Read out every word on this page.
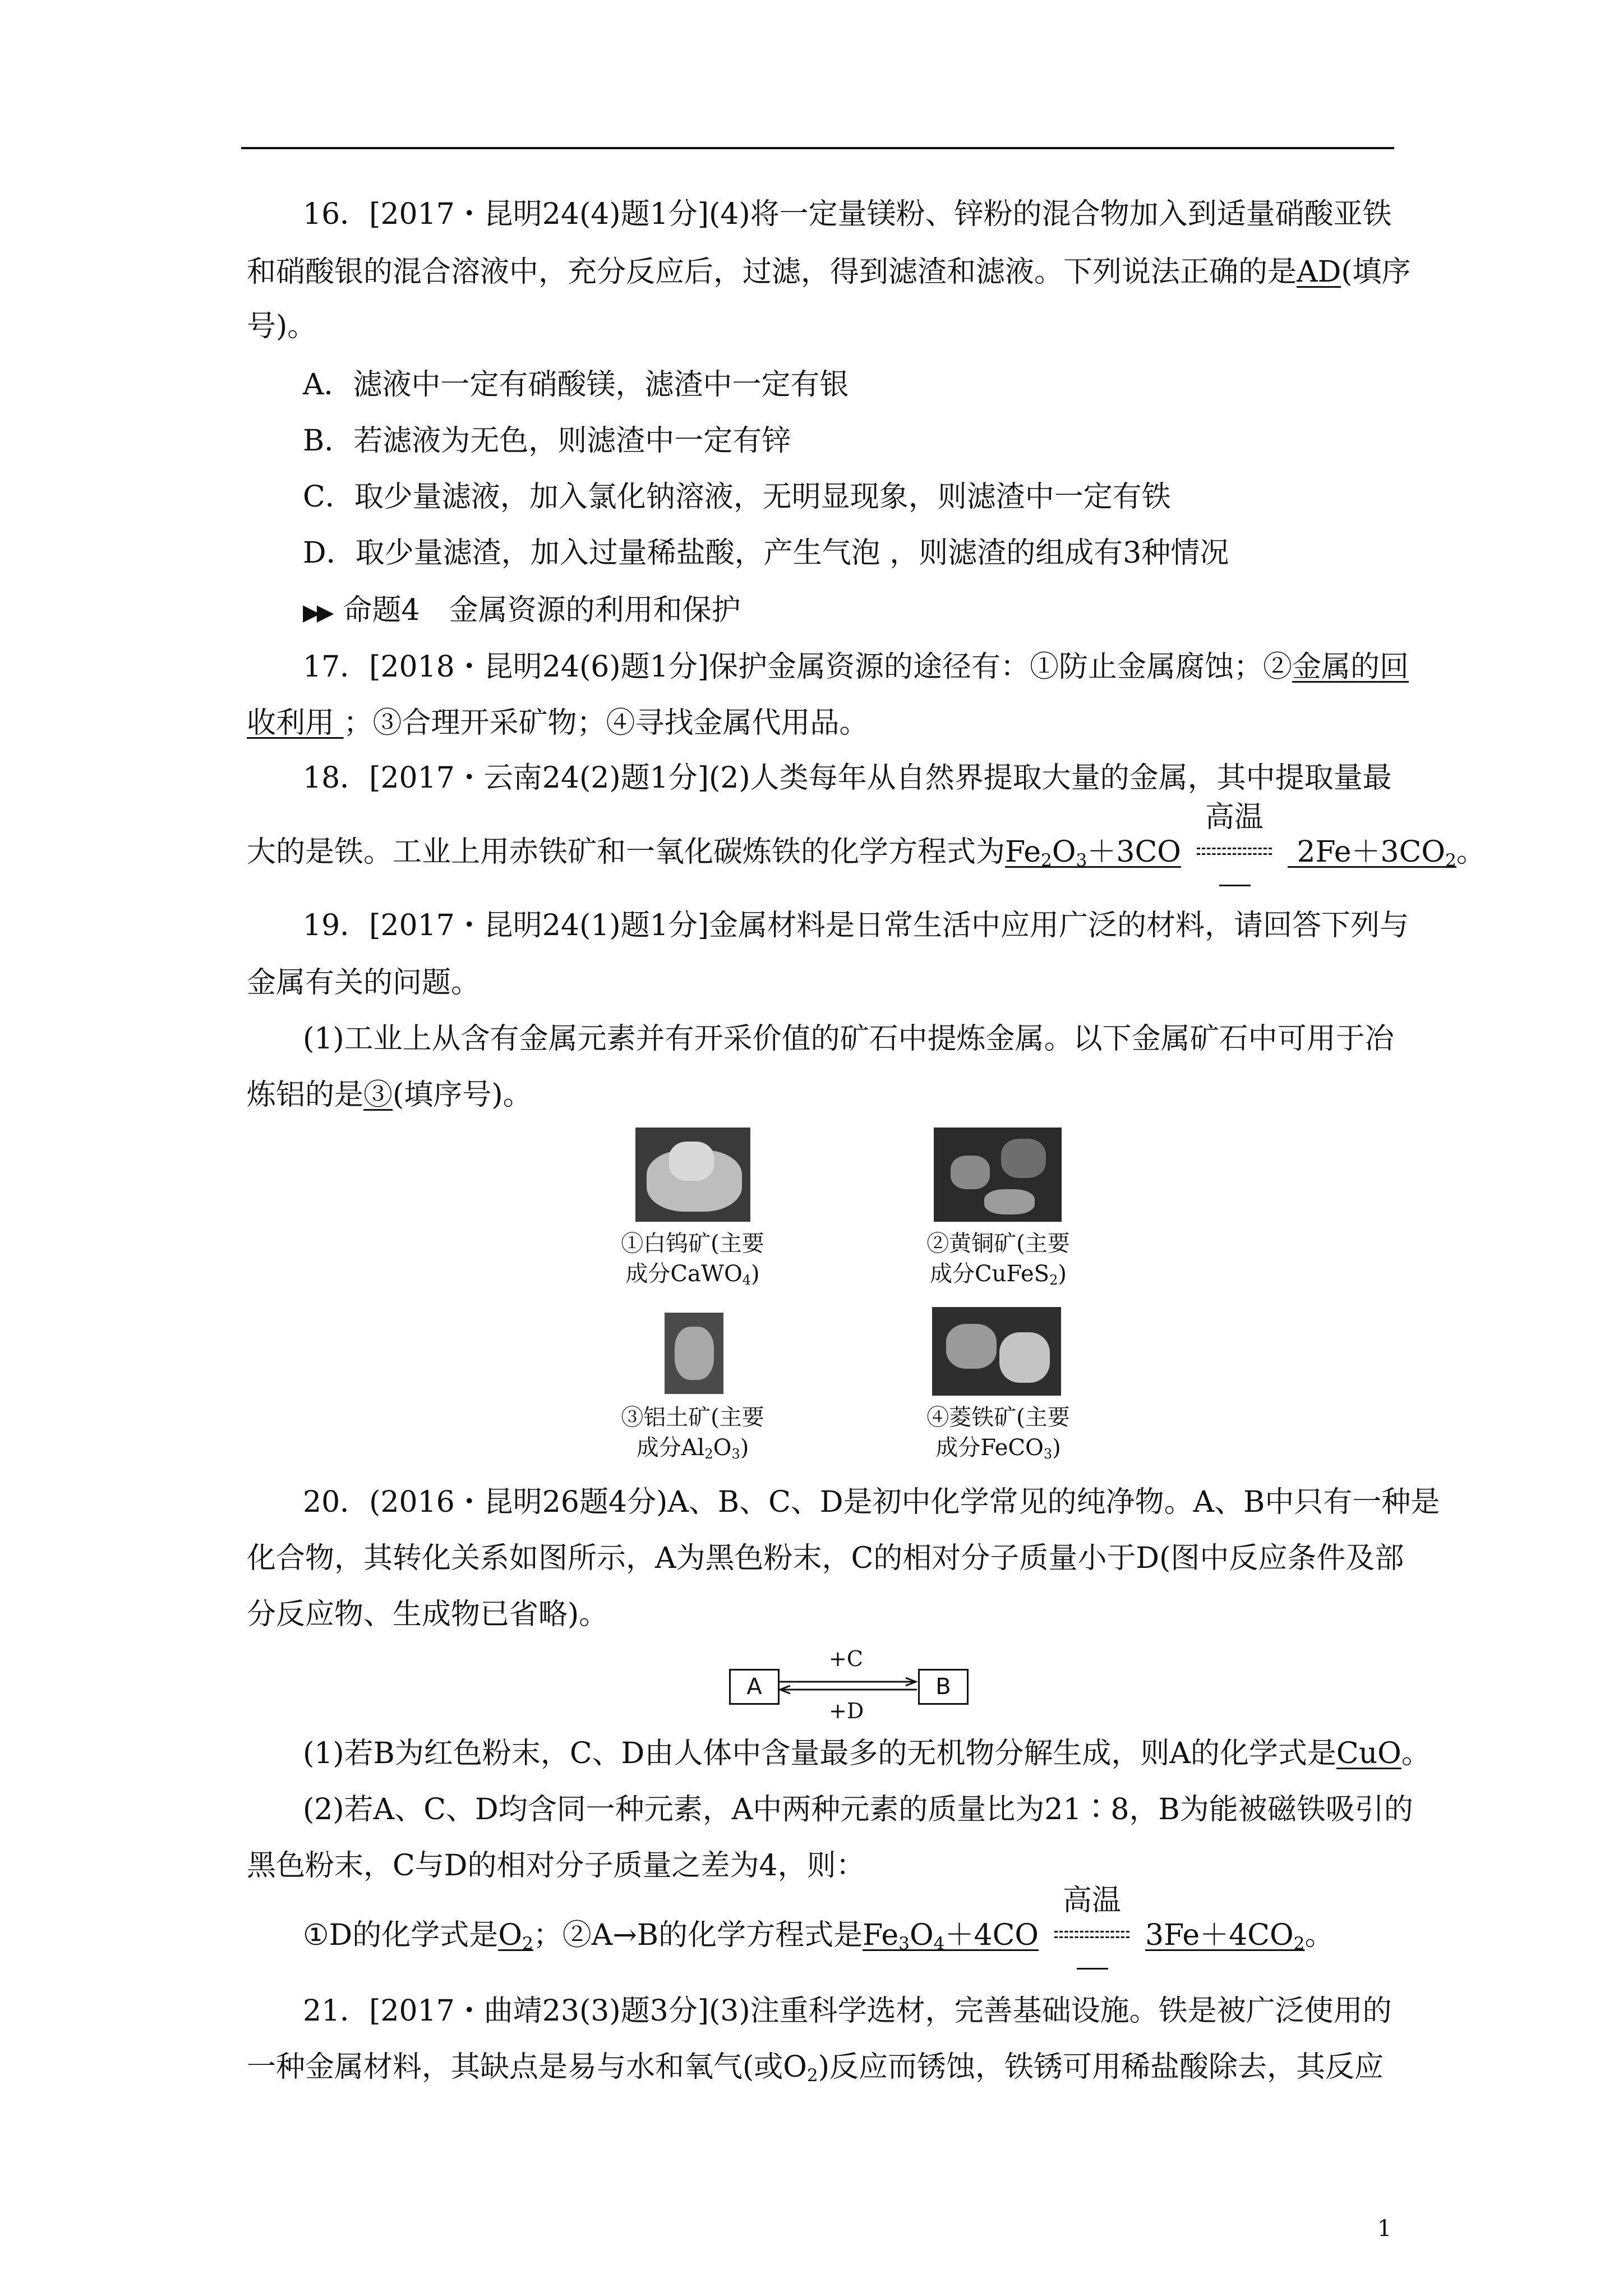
16．[2017・昆明24(4)题1分](4)将一定量镁粉、锌粉的混合物加入到适量硝酸亚铁
和硝酸银的混合溶液中，充分反应后，过滤，得到滤渣和滤液。下列说法正确的是AD(填序
号)。
A．滤液中一定有硝酸镁，滤渣中一定有银
B．若滤液为无色，则滤渣中一定有锌
C．取少量滤液，加入氯化钠溶液，无明显现象，则滤渣中一定有铁
D．取少量滤渣，加入过量稀盐酸，产生气泡 ，则滤渣的组成有3种情况
▶▶ 命题4　金属资源的利用和保护
17．[2018・昆明24(6)题1分]保护金属资源的途径有：①防止金属腐蚀；②金属的回
收利用 ；③合理开采矿物；④寻找金属代用品。
18．[2017・云南24(2)题1分](2)人类每年从自然界提取大量的金属，其中提取量最
大的是铁。工业上用赤铁矿和一氧化碳炼铁的化学方程式为$Fe_2O_3+3CO$
高温
$2Fe+3CO_2$。
19．[2017・昆明24(1)题1分]金属材料是日常生活中应用广泛的材料，请回答下列与
金属有关的问题。
(1)工业上从含有金属元素并有开采价值的矿石中提炼金属。以下金属矿石中可用于冶
炼铝的是③(填序号)。
①白钨矿(主要
成分CaWO$_4$)
②黄铜矿(主要
成分CuFeS$_2$)
③铝土矿(主要
成分$Al_2O_3$)
④菱铁矿(主要
成分FeCO$_3$)
20．(2016・昆明26题4分)A、B、C、D是初中化学常见的纯净物。A、B中只有一种是
化合物，其转化关系如图所示，A为黑色粉末，C的相对分子质量小于D(图中反应条件及部
分反应物、生成物已省略)。
A	B
+C
+D
(1)若B为红色粉末，C、D由人体中含量最多的无机物分解生成，则A的化学式是CuO。
(2)若A、C、D均含同一种元素，A中两种元素的质量比为21∶8，B为能被磁铁吸引的
黑色粉末，C与D的相对分子质量之差为4，则：
①D的化学式是$O_2$；②A→B的化学方程式是$Fe_3O_4+4CO$
高温
$3Fe+4CO_2$。
21．[2017・曲靖23(3)题3分](3)注重科学选材，完善基础设施。铁是被广泛使用的
一种金属材料，其缺点是易与水和氧气(或$O_2$)反应而锈蚀，铁锈可用稀盐酸除去，其反应
1
